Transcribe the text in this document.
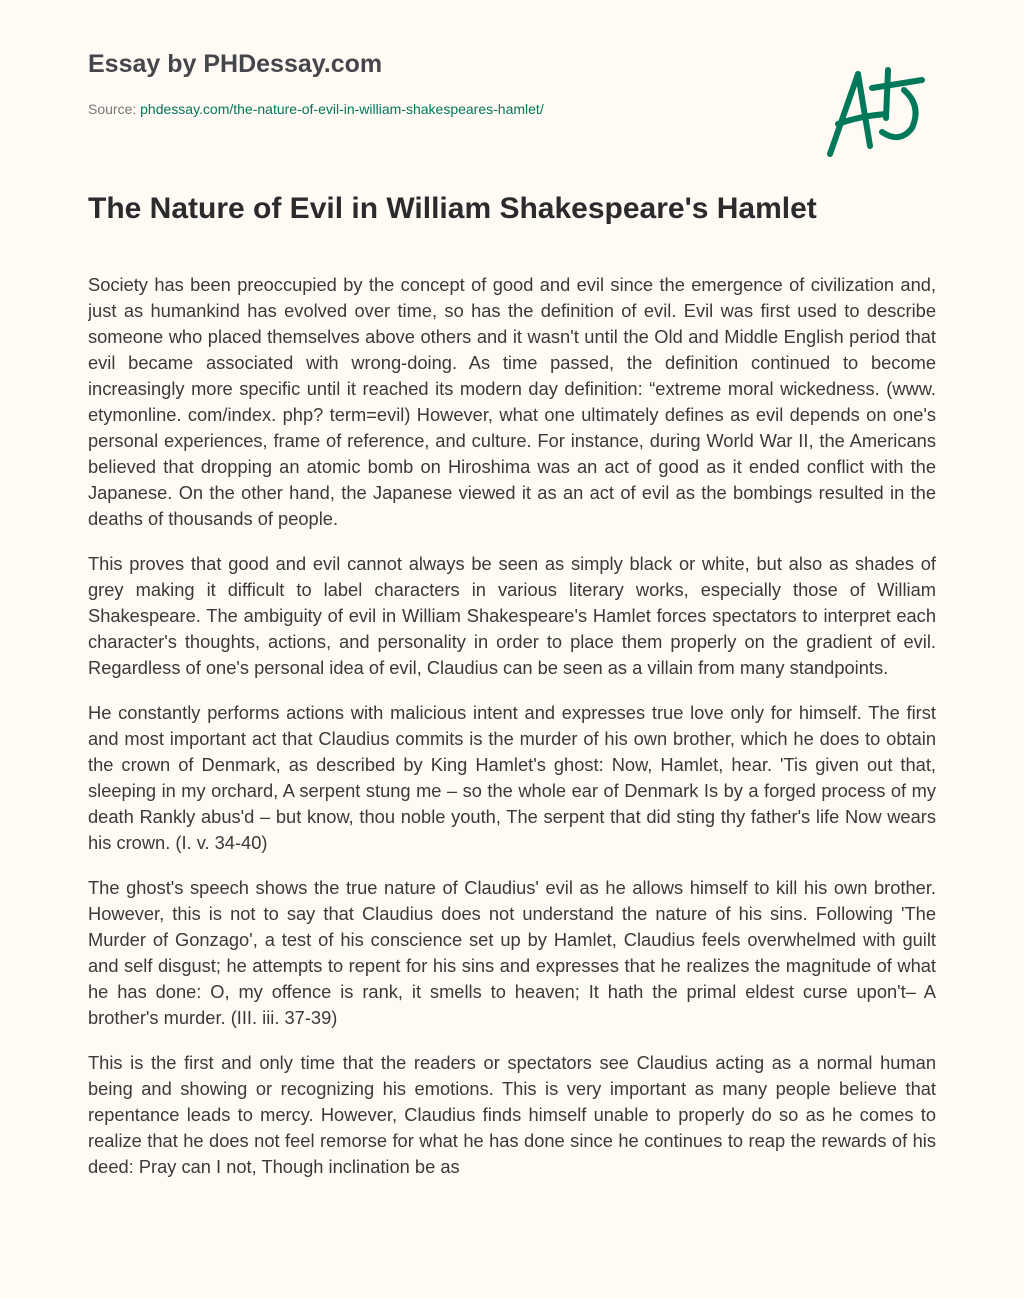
Essay by PHDessay.com
Source: phdessay.com/the-nature-of-evil-in-william-shakespeares-hamlet/
The Nature of Evil in William Shakespeare's Hamlet

Society has been preoccupied by the concept of good and evil since the emergence of civilization and, just as humankind has evolved over time, so has the definition of evil. Evil was first used to describe someone who placed themselves above others and it wasn't until the Old and Middle English period that evil became associated with wrong-doing. As time passed, the definition continued to become increasingly more specific until it reached its modern day definition: “extreme moral wickedness. (www. etymonline. com/index. php? term=evil) However, what one ultimately defines as evil depends on one's personal experiences, frame of reference, and culture. For instance, during World War II, the Americans believed that dropping an atomic bomb on Hiroshima was an act of good as it ended conflict with the Japanese. On the other hand, the Japanese viewed it as an act of evil as the bombings resulted in the deaths of thousands of people.

This proves that good and evil cannot always be seen as simply black or white, but also as shades of grey making it difficult to label characters in various literary works, especially those of William Shakespeare. The ambiguity of evil in William Shakespeare's Hamlet forces spectators to interpret each character's thoughts, actions, and personality in order to place them properly on the gradient of evil. Regardless of one's personal idea of evil, Claudius can be seen as a villain from many standpoints.

He constantly performs actions with malicious intent and expresses true love only for himself. The first and most important act that Claudius commits is the murder of his own brother, which he does to obtain the crown of Denmark, as described by King Hamlet's ghost: Now, Hamlet, hear. 'Tis given out that, sleeping in my orchard, A serpent stung me – so the whole ear of Denmark Is by a forged process of my death Rankly abus'd – but know, thou noble youth, The serpent that did sting thy father's life Now wears his crown. (I. v. 34-40)

The ghost's speech shows the true nature of Claudius' evil as he allows himself to kill his own brother. However, this is not to say that Claudius does not understand the nature of his sins. Following 'The Murder of Gonzago', a test of his conscience set up by Hamlet, Claudius feels overwhelmed with guilt and self disgust; he attempts to repent for his sins and expresses that he realizes the magnitude of what he has done: O, my offence is rank, it smells to heaven; It hath the primal eldest curse upon't– A brother's murder. (III. iii. 37-39)

This is the first and only time that the readers or spectators see Claudius acting as a normal human being and showing or recognizing his emotions. This is very important as many people believe that repentance leads to mercy. However, Claudius finds himself unable to properly do so as he comes to realize that he does not feel remorse for what he has done since he continues to reap the rewards of his deed: Pray can I not, Though inclination be as
